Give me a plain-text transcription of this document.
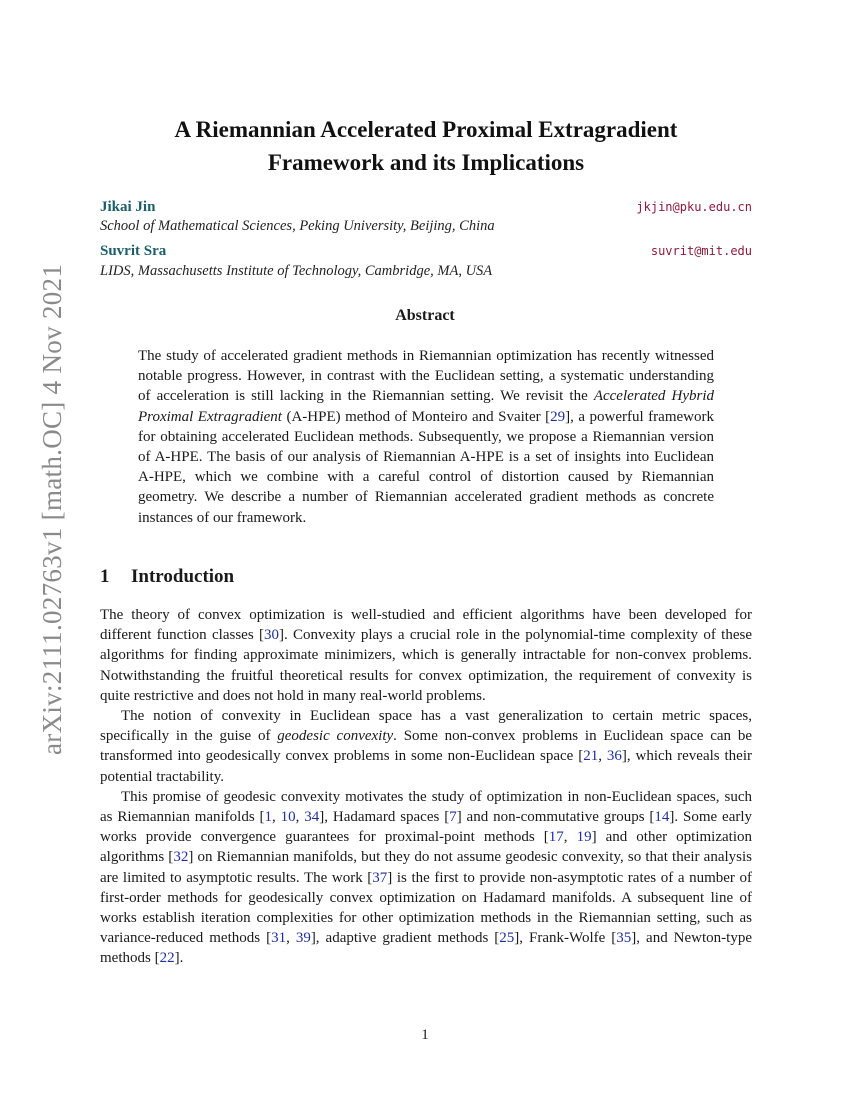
arXiv:2111.02763v1 [math.OC] 4 Nov 2021
A Riemannian Accelerated Proximal Extragradient
Framework and its Implications
Jikai Jin	jkjin@pku.edu.cn
School of Mathematical Sciences, Peking University, Beijing, China
Suvrit Sra	suvrit@mit.edu
LIDS, Massachusetts Institute of Technology, Cambridge, MA, USA
Abstract
The study of accelerated gradient methods in Riemannian optimization has recently witnessed notable progress. However, in contrast with the Euclidean setting, a systematic understanding of acceleration is still lacking in the Riemannian setting. We revisit the Accelerated Hybrid Proximal Extragradient (A-HPE) method of Monteiro and Svaiter [29], a powerful framework for obtaining accelerated Euclidean methods. Subsequently, we propose a Riemannian version of A-HPE. The basis of our analysis of Riemannian A-HPE is a set of insights into Euclidean A-HPE, which we combine with a careful control of distortion caused by Riemannian geometry. We describe a number of Riemannian accelerated gradient methods as concrete instances of our framework.
1 Introduction

The theory of convex optimization is well-studied and efficient algorithms have been developed for different function classes [30]. Convexity plays a crucial role in the polynomial-time complexity of these algorithms for finding approximate minimizers, which is generally intractable for non-convex problems. Notwithstanding the fruitful theoretical results for convex optimization, the requirement of convexity is quite restrictive and does not hold in many real-world problems.

The notion of convexity in Euclidean space has a vast generalization to certain metric spaces, specifically in the guise of geodesic convexity. Some non-convex problems in Euclidean space can be transformed into geodesically convex problems in some non-Euclidean space [21, 36], which reveals their potential tractability.

This promise of geodesic convexity motivates the study of optimization in non-Euclidean spaces, such as Riemannian manifolds [1, 10, 34], Hadamard spaces [7] and non-commutative groups [14]. Some early works provide convergence guarantees for proximal-point methods [17, 19] and other optimization algorithms [32] on Riemannian manifolds, but they do not assume geodesic convexity, so that their analysis are limited to asymptotic results. The work [37] is the first to provide non-asymptotic rates of a number of first-order methods for geodesically convex optimization on Hadamard manifolds. A subsequent line of works establish iteration complexities for other optimization methods in the Riemannian setting, such as variance-reduced methods [31, 39], adaptive gradient methods [25], Frank-Wolfe [35], and Newton-type methods [22].

1
